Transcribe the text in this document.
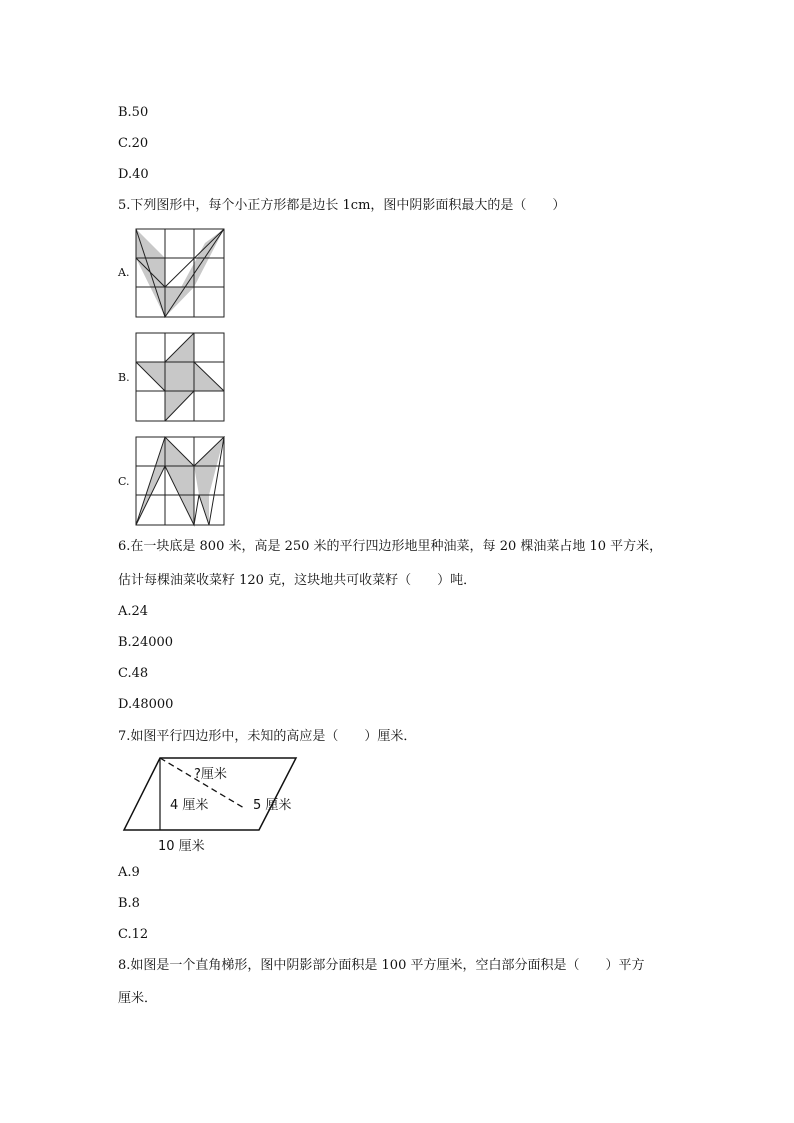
B.50

C.20

D.40

5.下列图形中，每个小正方形都是边长 1cm，图中阴影面积最大的是（　　）

A.
B.
C.

6.在一块底是 800 米，高是 250 米的平行四边形地里种油菜，每 20 棵油菜占地 10 平方米，

估计每棵油菜收菜籽 120 克，这块地共可收菜籽（　　）吨．

A.24

B.24000

C.48

D.48000

7.如图平行四边形中，未知的高应是（　　）厘米．

?厘米
4 厘米	5 厘米
10 厘米

A.9

B.8

C.12

8.如图是一个直角梯形，图中阴影部分面积是 100 平方厘米，空白部分面积是（　　）平方

厘米．
